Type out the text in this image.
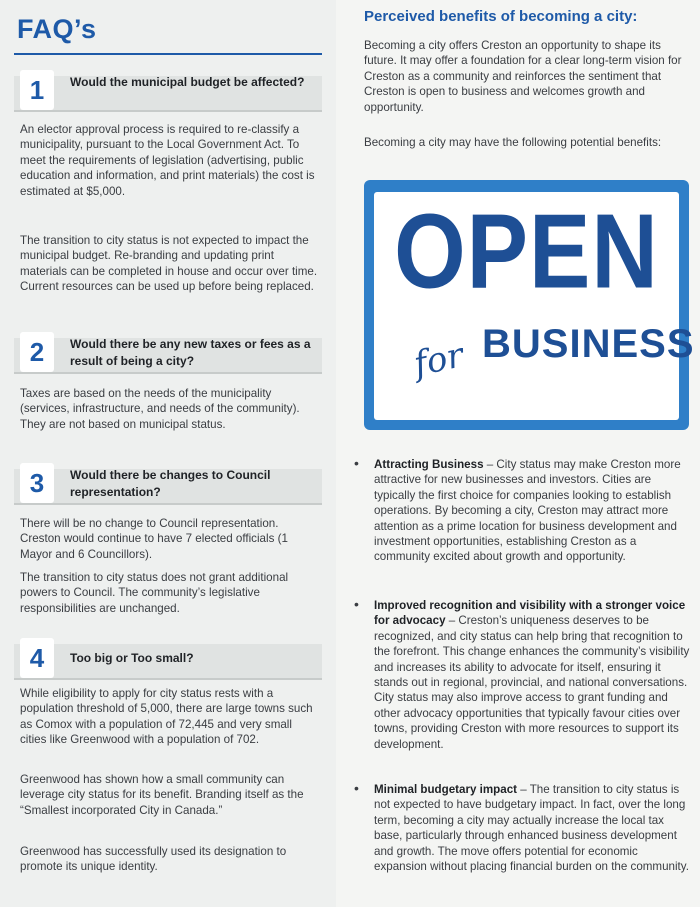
FAQ’s
1	Would the municipal budget be affected?
An elector approval process is required to re-classify a municipality, pursuant to the Local Government Act. To meet the requirements of legislation (advertising, public education and information, and print materials) the cost is estimated at $5,000.
The transition to city status is not expected to impact the municipal budget. Re-branding and updating print materials can be completed in house and occur over time. Current resources can be used up before being replaced.
2	Would there be any new taxes or fees as a result of being a city?
Taxes are based on the needs of the municipality (services, infrastructure, and needs of the community). They are not based on municipal status.
3	Would there be changes to Council representation?
There will be no change to Council representation. Creston would continue to have 7 elected officials (1 Mayor and 6 Councillors).
The transition to city status does not grant additional powers to Council. The community’s legislative responsibilities are unchanged.
4	Too big or Too small?
While eligibility to apply for city status rests with a population threshold of 5,000, there are large towns such as Comox with a population of 72,445 and very small cities like Greenwood with a population of 702.
Greenwood has shown how a small community can leverage city status for its benefit. Branding itself as the “Smallest incorporated City in Canada.”
Greenwood has successfully used its designation to promote its unique identity.
Perceived benefits of becoming a city:
Becoming a city offers Creston an opportunity to shape its future. It may offer a foundation for a clear long-term vision for Creston as a community and reinforces the sentiment that Creston is open to business and welcomes growth and opportunity.
Becoming a city may have the following potential benefits:
OPEN
for BUSINESS
• Attracting Business – City status may make Creston more attractive for new businesses and investors. Cities are typically the first choice for companies looking to establish operations. By becoming a city, Creston may attract more attention as a prime location for business development and investment opportunities, establishing Creston as a community excited about growth and opportunity.
• Improved recognition and visibility with a stronger voice for advocacy – Creston’s uniqueness deserves to be recognized, and city status can help bring that recognition to the forefront. This change enhances the community’s visibility and increases its ability to advocate for itself, ensuring it stands out in regional, provincial, and national conversations. City status may also improve access to grant funding and other advocacy opportunities that typically favour cities over towns, providing Creston with more resources to support its development.
• Minimal budgetary impact – The transition to city status is not expected to have budgetary impact. In fact, over the long term, becoming a city may actually increase the local tax base, particularly through enhanced business development and growth. The move offers potential for economic expansion without placing financial burden on the community.
